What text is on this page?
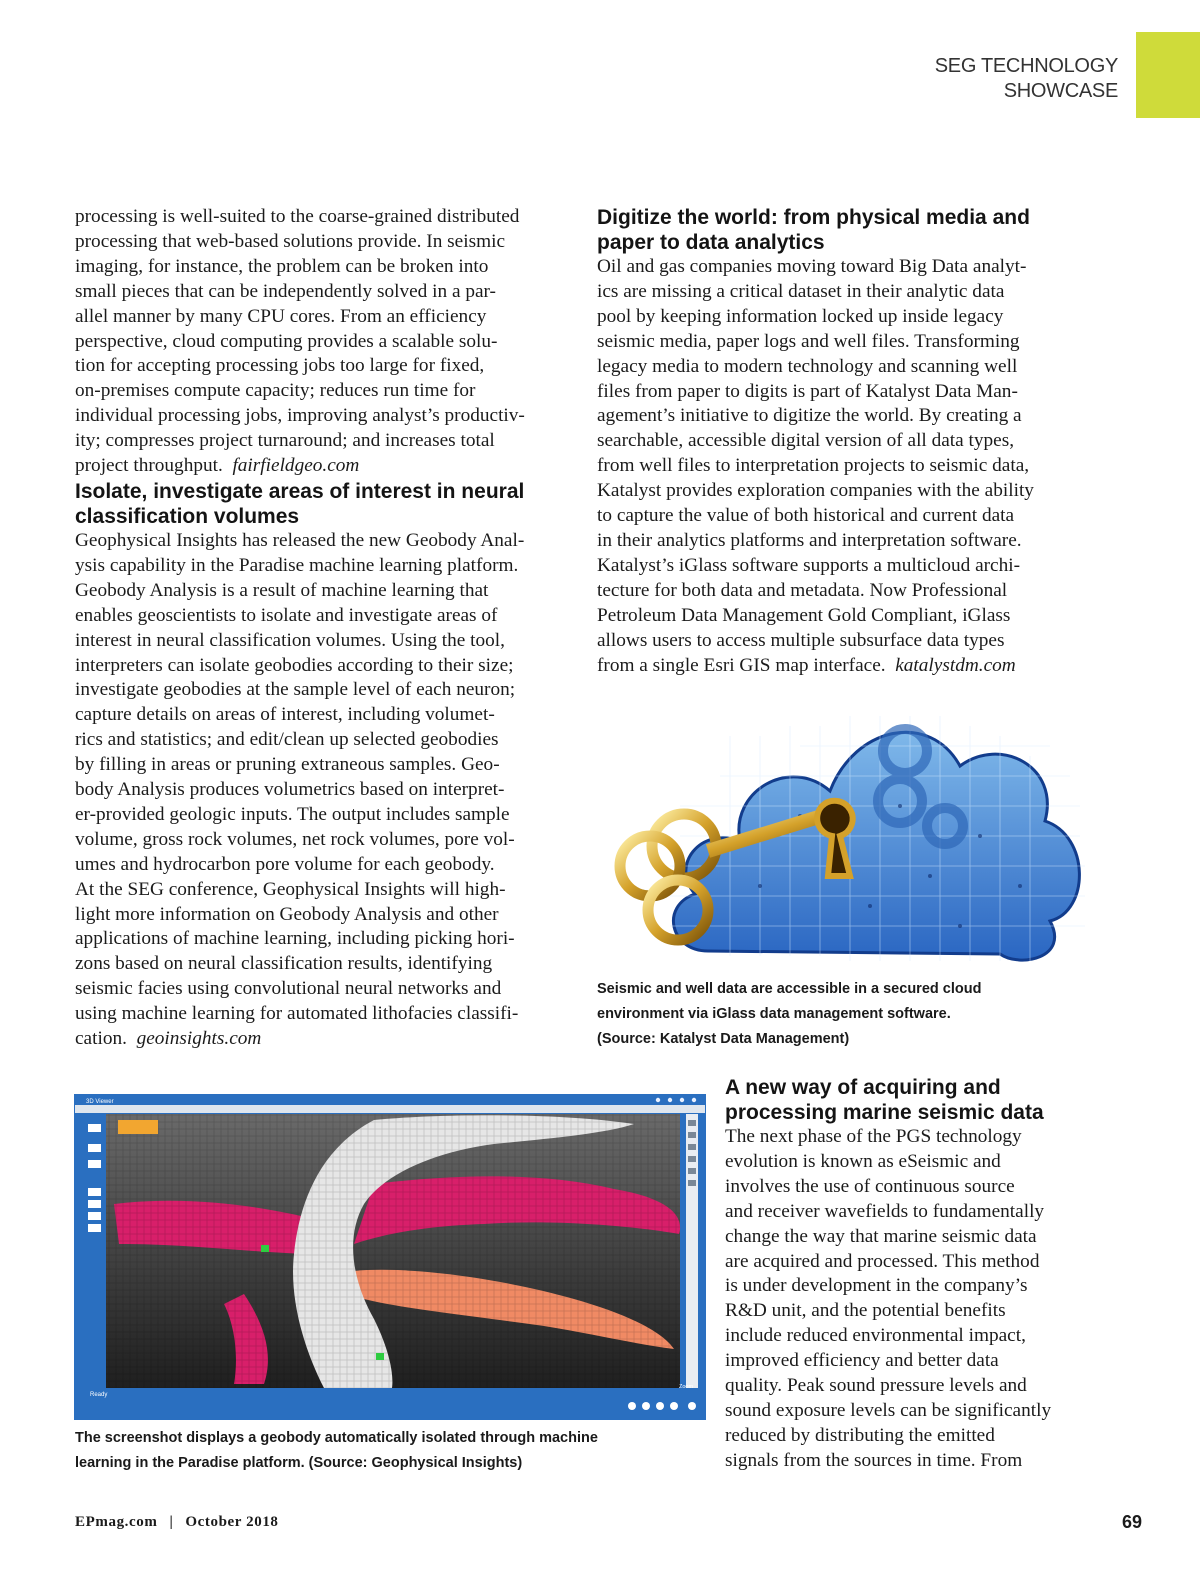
SEG TECHNOLOGY
SHOWCASE

processing is well-suited to the coarse-grained distributed
processing that web-based solutions provide. In seismic
imaging, for instance, the problem can be broken into
small pieces that can be independently solved in a par-
allel manner by many CPU cores. From an efficiency
perspective, cloud computing provides a scalable solu-
tion for accepting processing jobs too large for fixed,
on-premises compute capacity; reduces run time for
individual processing jobs, improving analyst’s productiv-
ity; compresses project turnaround; and increases total
project throughput. fairfieldgeo.com

Isolate, investigate areas of interest in neural
classification volumes

Geophysical Insights has released the new Geobody Anal-
ysis capability in the Paradise machine learning platform.
Geobody Analysis is a result of machine learning that
enables geoscientists to isolate and investigate areas of
interest in neural classification volumes. Using the tool,
interpreters can isolate geobodies according to their size;
investigate geobodies at the sample level of each neuron;
capture details on areas of interest, including volumet-
rics and statistics; and edit/clean up selected geobodies
by filling in areas or pruning extraneous samples. Geo-
body Analysis produces volumetrics based on interpret-
er-provided geologic inputs. The output includes sample
volume, gross rock volumes, net rock volumes, pore vol-
umes and hydrocarbon pore volume for each geobody.
At the SEG conference, Geophysical Insights will high-
light more information on Geobody Analysis and other
applications of machine learning, including picking hori-
zons based on neural classification results, identifying
seismic facies using convolutional neural networks and
using machine learning for automated lithofacies classifi-
cation. geoinsights.com

Digitize the world: from physical media and
paper to data analytics

Oil and gas companies moving toward Big Data analyt-
ics are missing a critical dataset in their analytic data
pool by keeping information locked up inside legacy
seismic media, paper logs and well files. Transforming
legacy media to modern technology and scanning well
files from paper to digits is part of Katalyst Data Man-
agement’s initiative to digitize the world. By creating a
searchable, accessible digital version of all data types,
from well files to interpretation projects to seismic data,
Katalyst provides exploration companies with the ability
to capture the value of both historical and current data
in their analytics platforms and interpretation software.
Katalyst’s iGlass software supports a multicloud archi-
tecture for both data and metadata. Now Professional
Petroleum Data Management Gold Compliant, iGlass
allows users to access multiple subsurface data types
from a single Esri GIS map interface. katalystdm.com

Seismic and well data are accessible in a secured cloud
environment via iGlass data management software.
(Source: Katalyst Data Management)
A new way of acquiring and
processing marine seismic data

The next phase of the PGS technology
evolution is known as eSeismic and
involves the use of continuous source
and receiver wavefields to fundamentally
change the way that marine seismic data
are acquired and processed. This method
is under development in the company’s
R&D unit, and the potential benefits
include reduced environmental impact,
improved efficiency and better data
quality. Peak sound pressure levels and
sound exposure levels can be significantly
reduced by distributing the emitted
signals from the sources in time. From

3D Viewer
Ready
Zoom
The screenshot displays a geobody automatically isolated through machine
learning in the Paradise platform. (Source: Geophysical Insights)
EPmag.com | October 2018	69
